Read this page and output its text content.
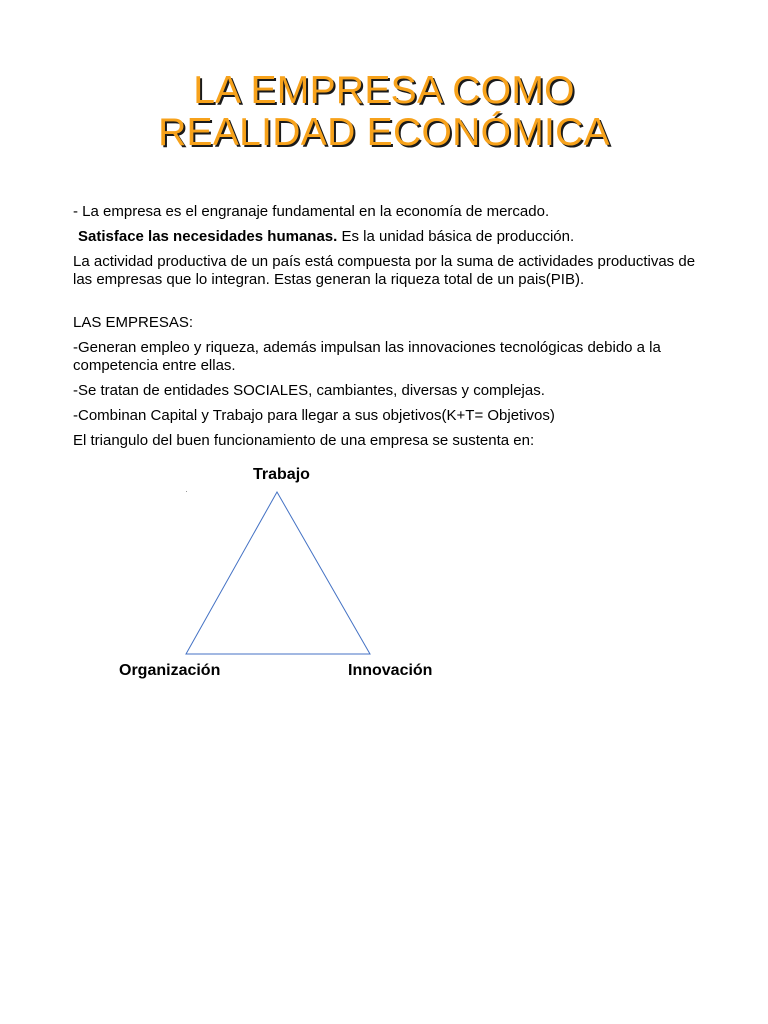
LA EMPRESA COMO
REALIDAD ECONÓMICA

- La empresa es el engranaje fundamental en la economía de mercado.

Satisface las necesidades humanas. Es la unidad básica de producción.

La actividad productiva de un país está compuesta por la suma de actividades productivas de las empresas que lo integran. Estas generan la riqueza total de un pais(PIB).

LAS EMPRESAS:

-Generan empleo y riqueza, además impulsan las innovaciones tecnológicas debido a la competencia entre ellas.

-Se tratan de entidades SOCIALES, cambiantes, diversas y complejas.

-Combinan Capital y Trabajo para llegar a sus objetivos(K+T= Objetivos)

El triangulo del buen funcionamiento de una empresa se sustenta en:

Trabajo
Organización	Innovación
